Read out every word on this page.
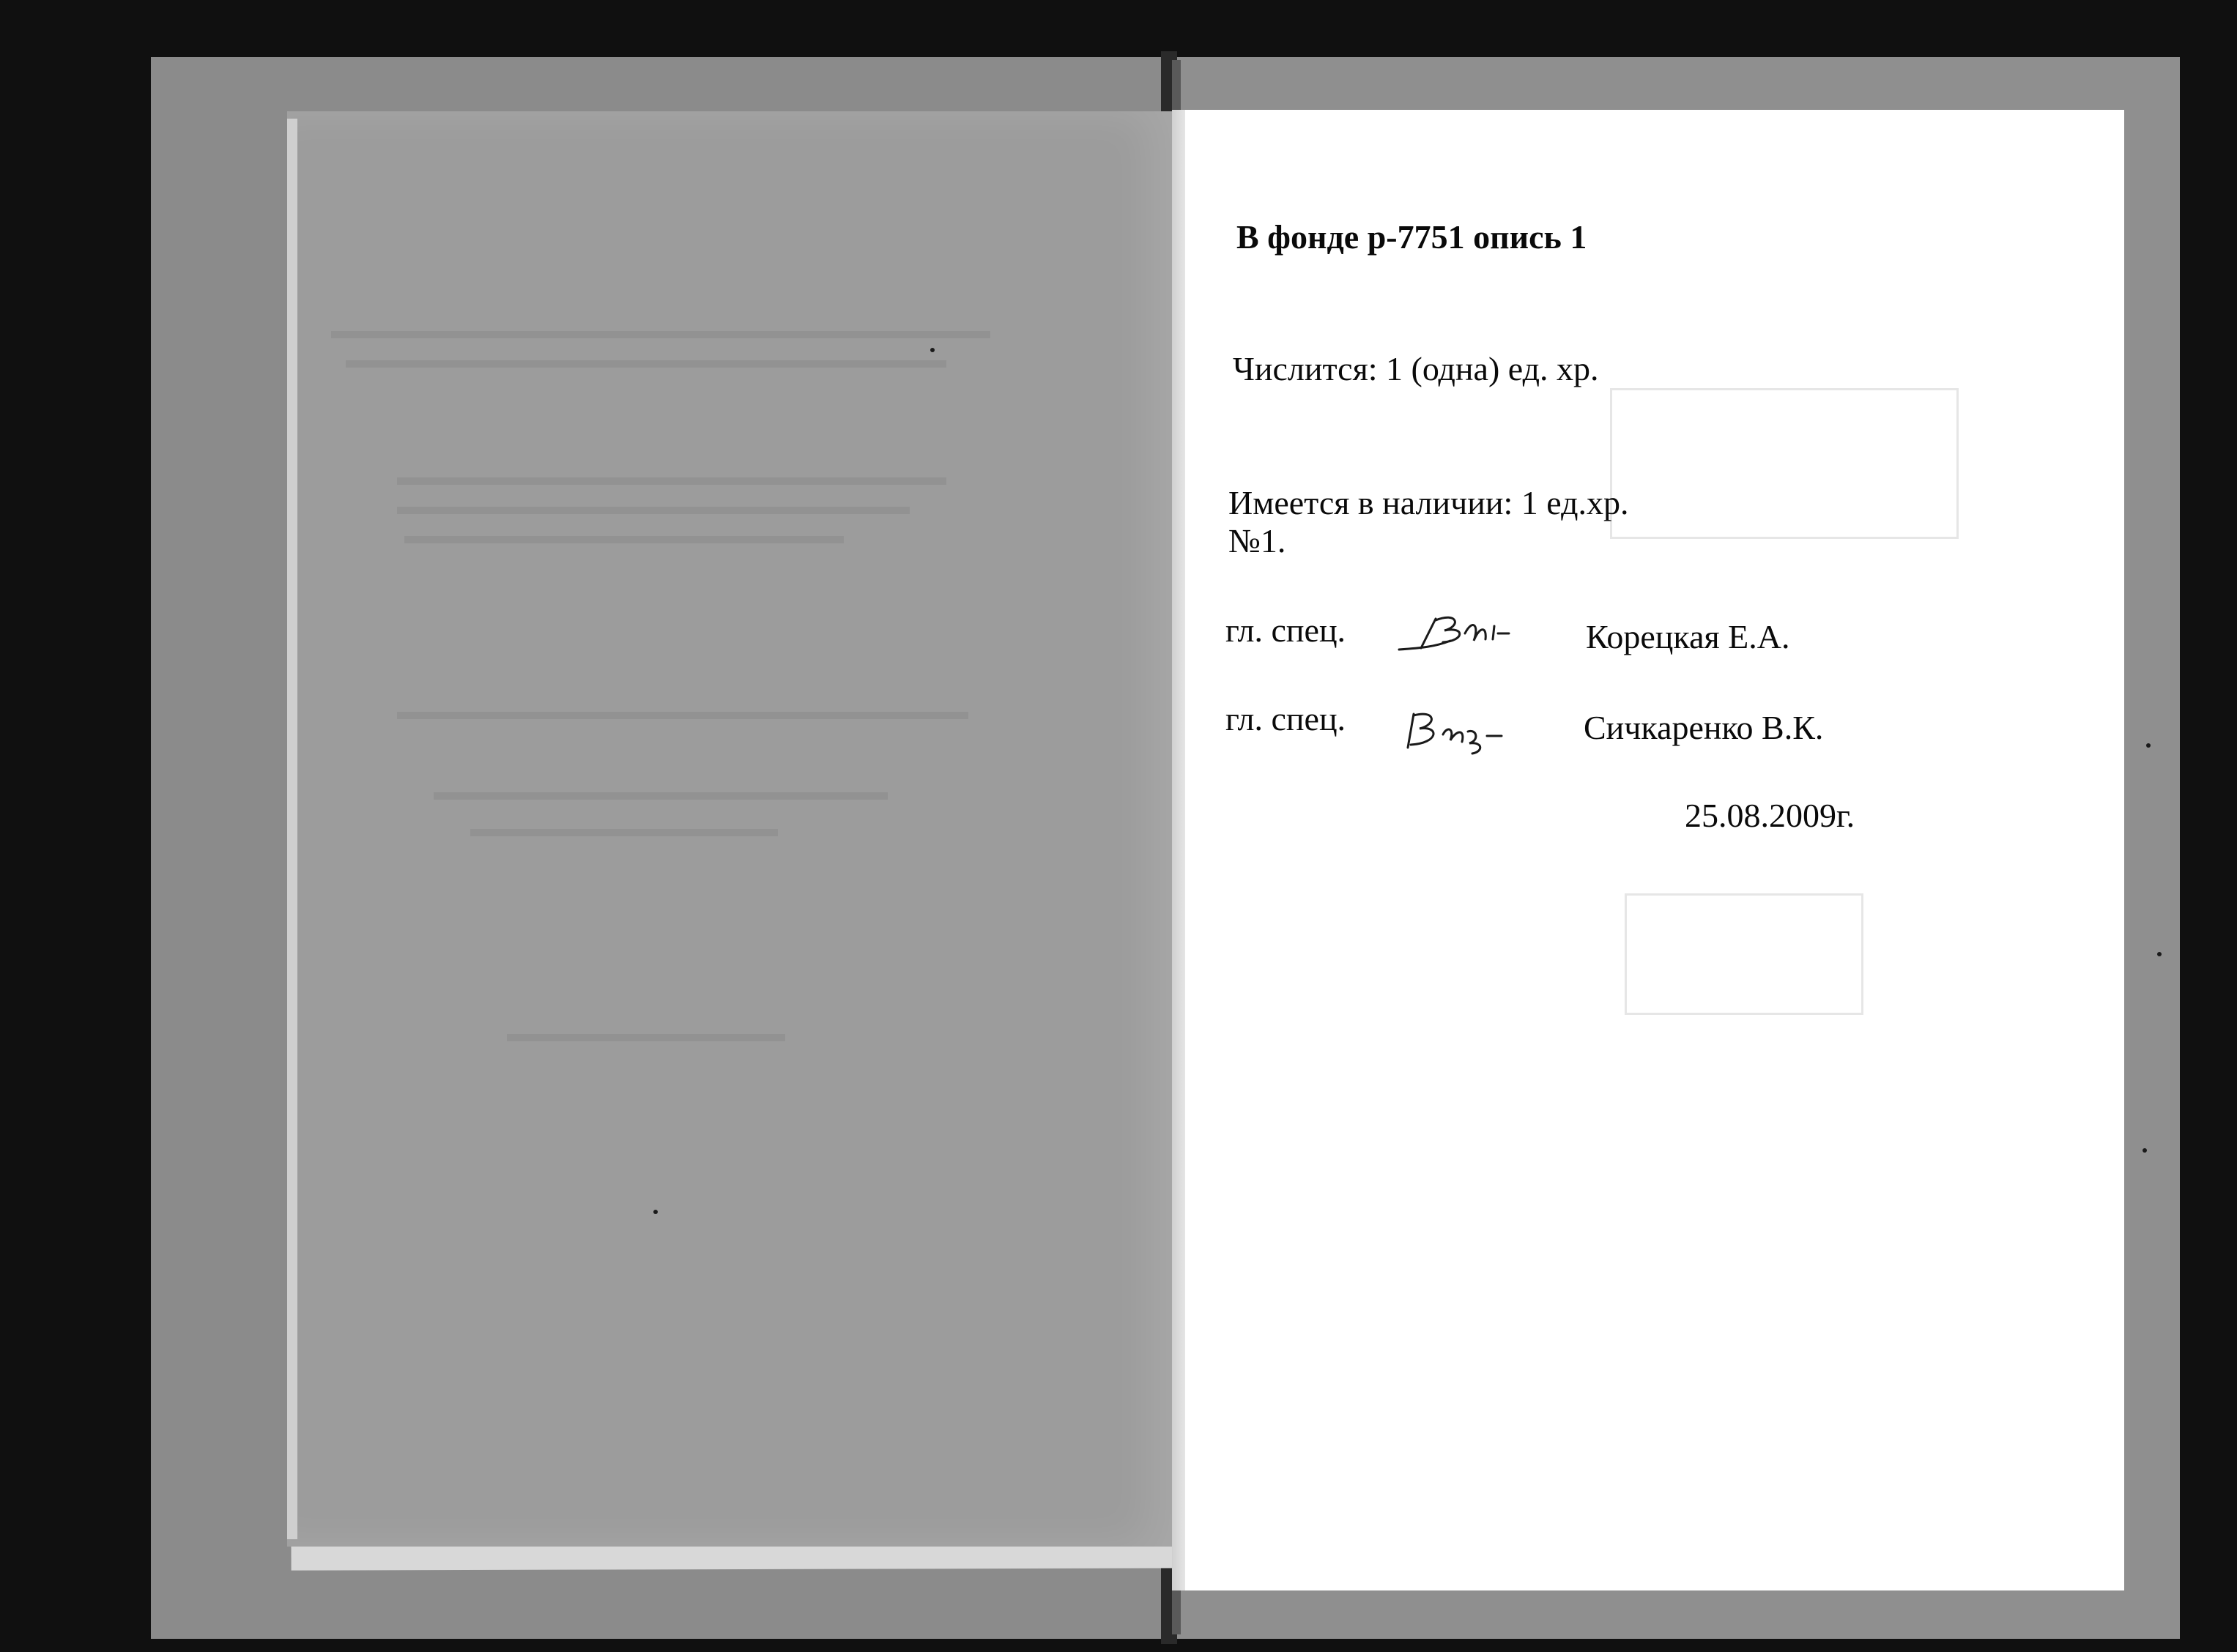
В фонде р-7751 опись 1
Числится: 1 (одна) ед. хр.
Имеется в наличии: 1 ед.хр.
№1.
гл. спец.	Корецкая Е.А.
гл. спец.	Сичкаренко В.К.
25.08.2009г.
